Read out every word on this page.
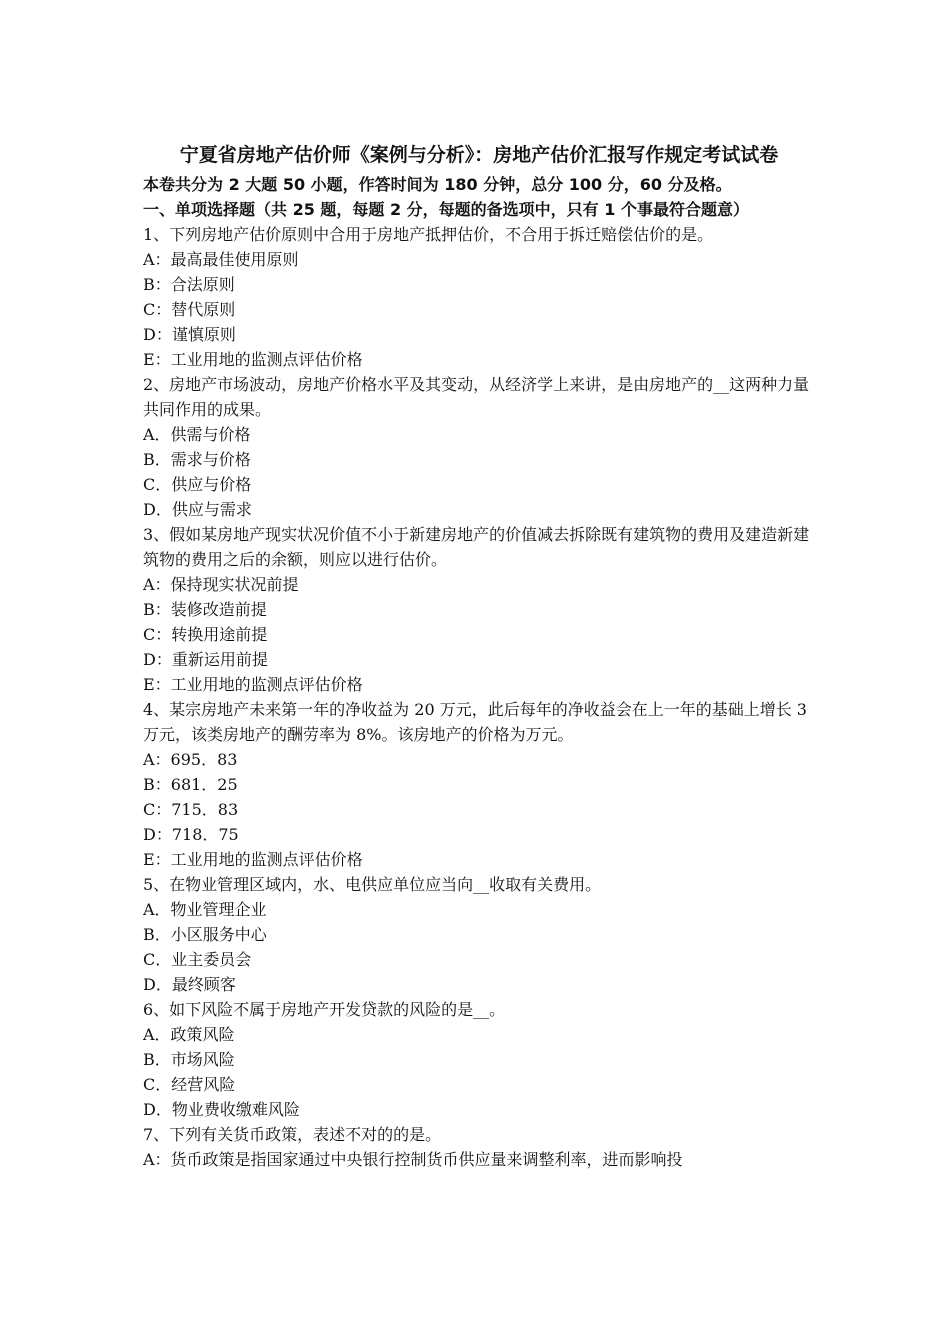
宁夏省房地产估价师《案例与分析》：房地产估价汇报写作规定考试试卷

本卷共分为 2 大题 50 小题，作答时间为 180 分钟，总分 100 分，60 分及格。

一、单项选择题（共 25 题，每题 2 分，每题的备选项中，只有 1 个事最符合题意）

1、下列房地产估价原则中合用于房地产抵押估价，不合用于拆迁赔偿估价的是。

A：最高最佳使用原则

B：合法原则

C：替代原则

D：谨慎原则

E：工业用地的监测点评估价格

2、房地产市场波动，房地产价格水平及其变动，从经济学上来讲，是由房地产的__这两种力量共同作用的成果。

A．供需与价格

B．需求与价格

C．供应与价格

D．供应与需求

3、假如某房地产现实状况价值不小于新建房地产的价值减去拆除既有建筑物的费用及建造新建筑物的费用之后的余额，则应以进行估价。

A：保持现实状况前提

B：装修改造前提

C：转换用途前提

D：重新运用前提

E：工业用地的监测点评估价格

4、某宗房地产未来第一年的净收益为 20 万元，此后每年的净收益会在上一年的基础上增长 3 万元，该类房地产的酬劳率为 8%。该房地产的价格为万元。

A：695．83

B：681．25

C：715．83

D：718．75

E：工业用地的监测点评估价格

5、在物业管理区域内，水、电供应单位应当向__收取有关费用。

A．物业管理企业

B．小区服务中心

C．业主委员会

D．最终顾客

6、如下风险不属于房地产开发贷款的风险的是__。

A．政策风险

B．市场风险

C．经营风险

D．物业费收缴难风险

7、下列有关货币政策，表述不对的的是。

A：货币政策是指国家通过中央银行控制货币供应量来调整利率，进而影响投
